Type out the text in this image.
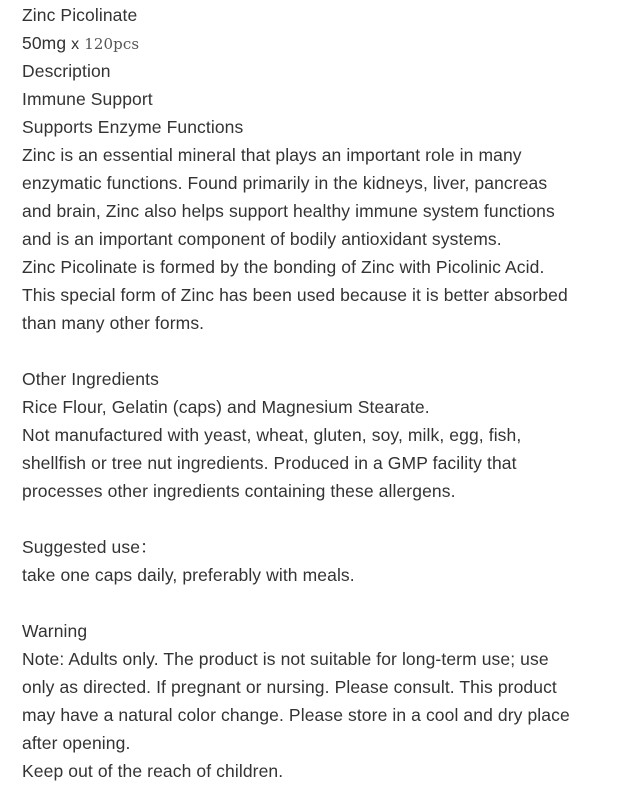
Zinc Picolinate
50mg x 120pcs
Description
Immune Support
Supports Enzyme Functions
Zinc is an essential mineral that plays an important role in many
enzymatic functions. Found primarily in the kidneys, liver, pancreas
and brain, Zinc also helps support healthy immune system functions
and is an important component of bodily antioxidant systems.
Zinc Picolinate is formed by the bonding of Zinc with Picolinic Acid.
This special form of Zinc has been used because it is better absorbed
than many other forms.
Other Ingredients
Rice Flour, Gelatin (caps) and Magnesium Stearate.
Not manufactured with yeast, wheat, gluten, soy, milk, egg, fish,
shellfish or tree nut ingredients. Produced in a GMP facility that
processes other ingredients containing these allergens.
Suggested use：
take one caps daily, preferably with meals.
Warning
Note: Adults only. The product is not suitable for long-term use; use
only as directed. If pregnant or nursing. Please consult. This product
may have a natural color change. Please store in a cool and dry place
after opening.
Keep out of the reach of children.
